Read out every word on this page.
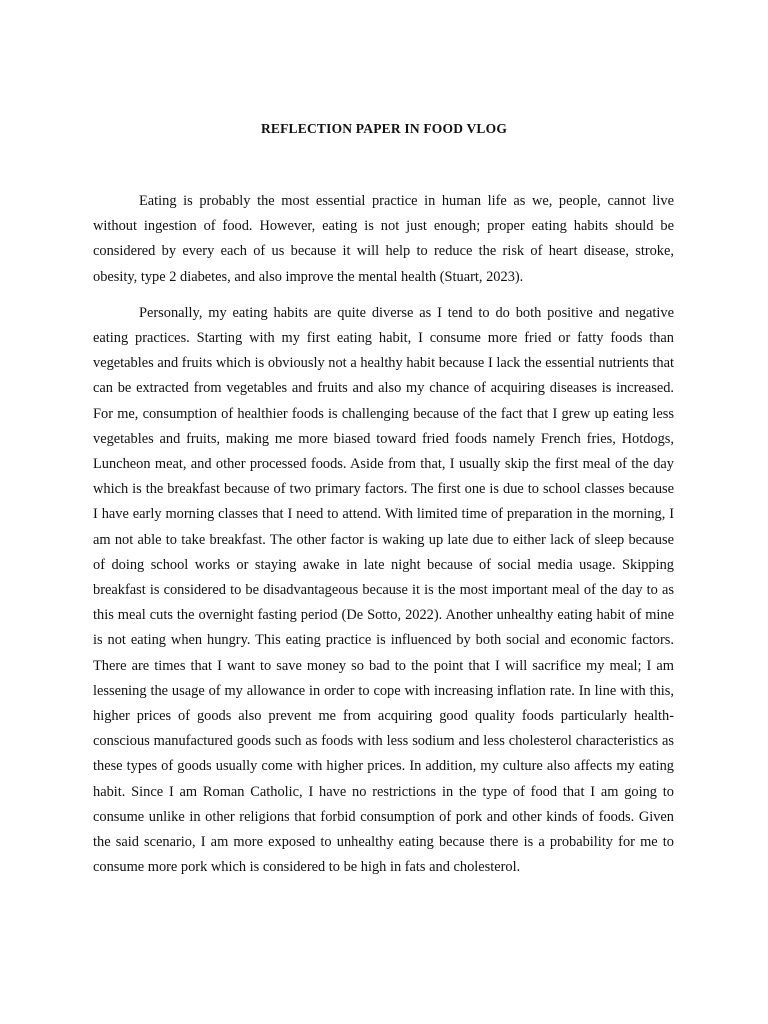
REFLECTION PAPER IN FOOD VLOG

Eating is probably the most essential practice in human life as we, people, cannot live without ingestion of food. However, eating is not just enough; proper eating habits should be considered by every each of us because it will help to reduce the risk of heart disease, stroke, obesity, type 2 diabetes, and also improve the mental health (Stuart, 2023).

Personally, my eating habits are quite diverse as I tend to do both positive and negative eating practices. Starting with my first eating habit, I consume more fried or fatty foods than vegetables and fruits which is obviously not a healthy habit because I lack the essential nutrients that can be extracted from vegetables and fruits and also my chance of acquiring diseases is increased. For me, consumption of healthier foods is challenging because of the fact that I grew up eating less vegetables and fruits, making me more biased toward fried foods namely French fries, Hotdogs, Luncheon meat, and other processed foods. Aside from that, I usually skip the first meal of the day which is the breakfast because of two primary factors. The first one is due to school classes because I have early morning classes that I need to attend. With limited time of preparation in the morning, I am not able to take breakfast. The other factor is waking up late due to either lack of sleep because of doing school works or staying awake in late night because of social media usage. Skipping breakfast is considered to be disadvantageous because it is the most important meal of the day to as this meal cuts the overnight fasting period (De Sotto, 2022). Another unhealthy eating habit of mine is not eating when hungry. This eating practice is influenced by both social and economic factors. There are times that I want to save money so bad to the point that I will sacrifice my meal; I am lessening the usage of my allowance in order to cope with increasing inflation rate. In line with this, higher prices of goods also prevent me from acquiring good quality foods particularly health-conscious manufactured goods such as foods with less sodium and less cholesterol characteristics as these types of goods usually come with higher prices. In addition, my culture also affects my eating habit. Since I am Roman Catholic, I have no restrictions in the type of food that I am going to consume unlike in other religions that forbid consumption of pork and other kinds of foods. Given the said scenario, I am more exposed to unhealthy eating because there is a probability for me to consume more pork which is considered to be high in fats and cholesterol.
